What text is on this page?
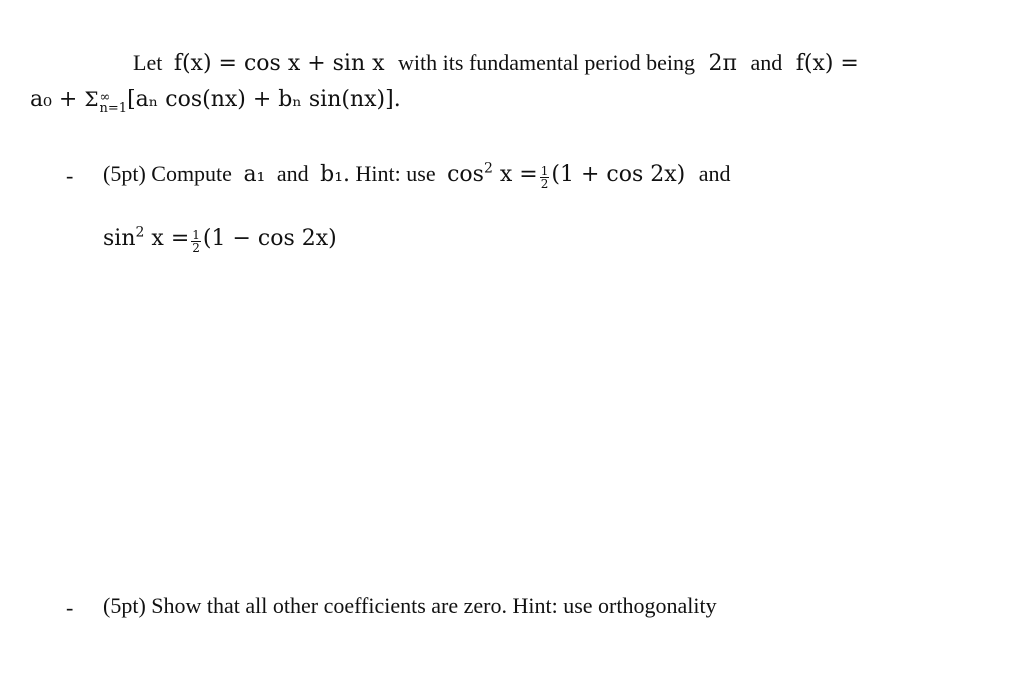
Let f(x) = cos x + sin x with its fundamental period being 2π and f(x) =
a₀ + Σ ∞
n=1 [aₙ cos(nx) + bₙ sin(nx)].
- (5pt) Compute a₁ and b₁. Hint: use $\cos^2 x = \frac{1}{2} (1 + \cos 2x)$ and
$\sin^2 x = \frac{1}{2} (1 - \cos 2x)$
- (5pt) Show that all other coefficients are zero. Hint: use orthogonality
